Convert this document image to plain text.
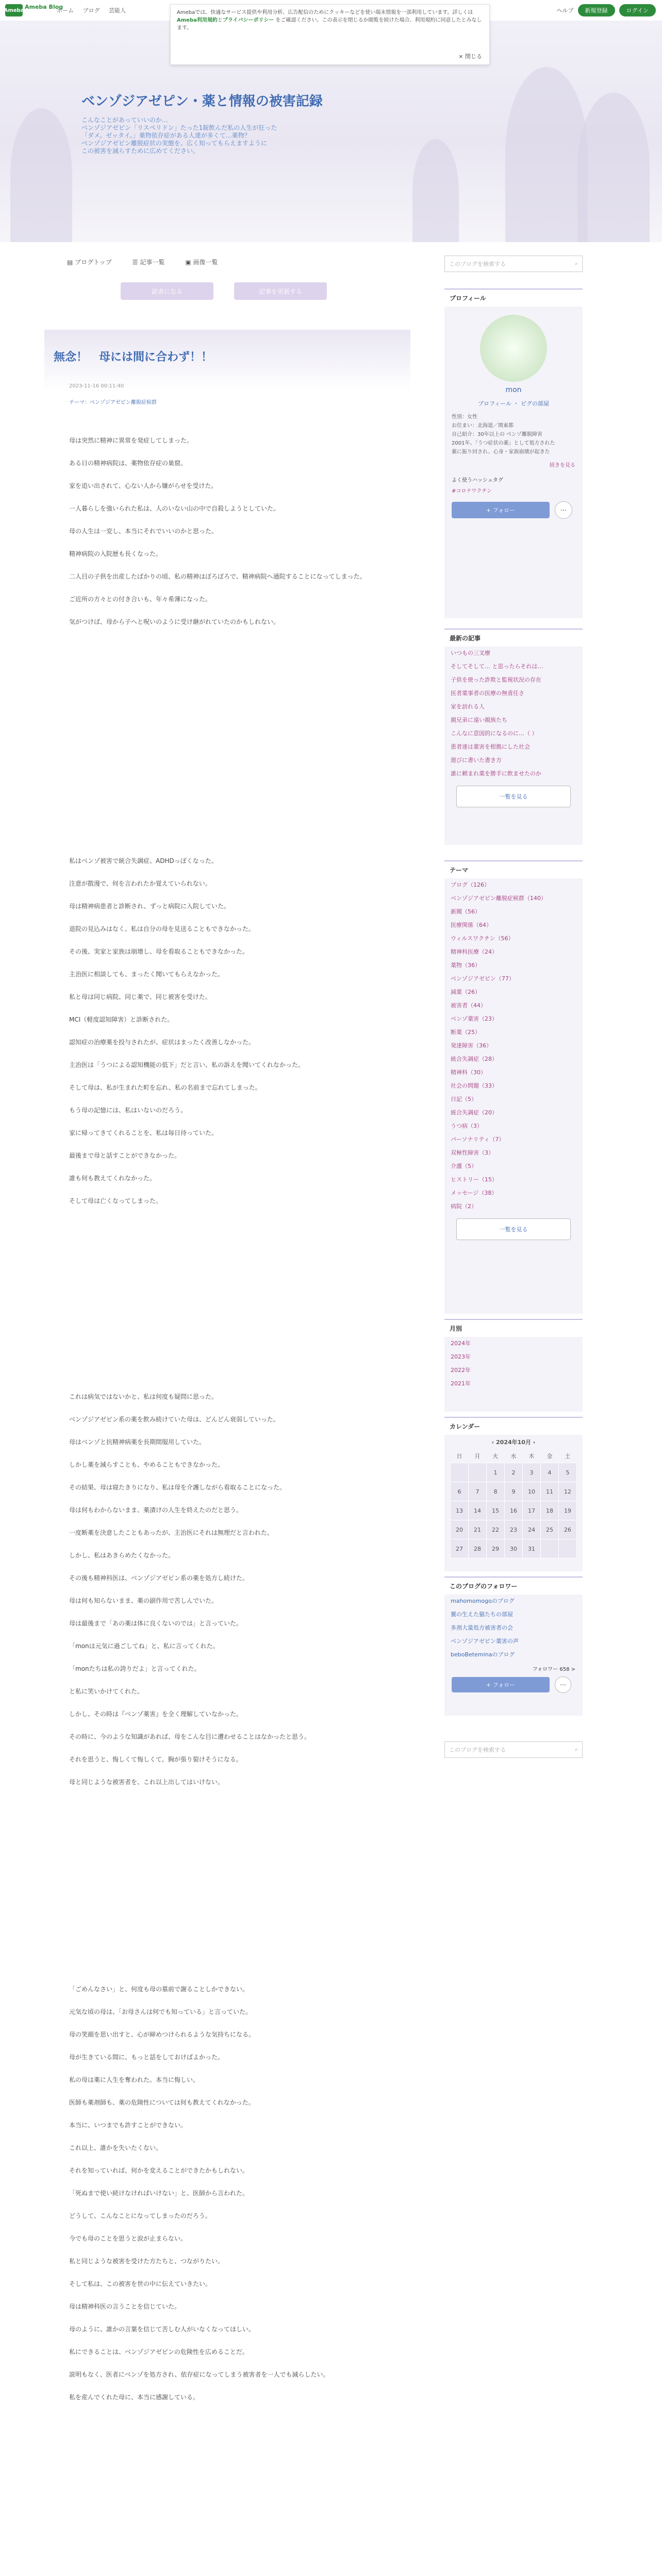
Ameba Ameba Blog
ホーム ブログ 芸能人	ヘルプ	新規登録	ログイン
Amebaでは、快適なサービス提供や利用分析、広告配信のためにクッキーなどを使い端末情報を一部利用しています。詳しくは Ameba利用規約とプライバシーポリシー をご確認ください。この表示を閉じるか閲覧を続けた場合、利用規約に同意したとみなします。
× 閉じる
ベンゾジアゼピン・薬と情報の被害記録
こんなことがあっていいのか…
ベンゾジアゼピン「リスペリドン」たった1錠飲んだ私の人生が狂った
「ダメ。ゼッタイ。」薬物依存症がある人達が多くて…薬物？
ベンゾジアゼピン離脱症状の実態を、広く知ってもらえますように
この被害を減らすために広めてください。
▤ ブログトップ	☰ 記事一覧	▣ 画像一覧
読者になる	記事を更新する
無念！　母には間に合わず！！
2023-11-16 00:11:40
テーマ：ベンゾジアゼピン離脱症候群

母は突然に精神に異常を発症してしまった。

ある日の精神病院は、薬物依存症の巣窟。

家を追い出されて、心ない人から嫌がらせを受けた。

一人暮らしを強いられた私は、人のいない山の中で自殺しようとしていた。

母の人生は一変し、本当にそれでいいのかと思った。

精神病院の入院歴も長くなった。

二人目の子供を出産したばかりの頃、私の精神はぼろぼろで、精神病院へ通院することになってしまった。

ご近所の方々との付き合いも、年々希薄になった。

気がつけば、母から子へと呪いのように受け継がれていたのかもしれない。

私はベンゾ被害で統合失調症、ADHDっぽくなった。

注意が散漫で、何を言われたか覚えていられない。

母は精神病患者と診断され、ずっと病院に入院していた。

退院の見込みはなく、私は自分の母を見送ることもできなかった。

その後、実家と家族は崩壊し、母を看取ることもできなかった。

主治医に相談しても、まったく聞いてもらえなかった。

私と母は同じ病院、同じ薬で、同じ被害を受けた。

MCI（軽度認知障害）と診断された。

認知症の治療薬を投与されたが、症状はまったく改善しなかった。

主治医は「うつによる認知機能の低下」だと言い、私の訴えを聞いてくれなかった。

そして母は、私が生まれた町を忘れ、私の名前まで忘れてしまった。

もう母の記憶には、私はいないのだろう。

家に帰ってきてくれることを、私は毎日待っていた。

最後まで母と話すことができなかった。

誰も何も教えてくれなかった。

そして母は亡くなってしまった。

これは病気ではないかと、私は何度も疑問に思った。

ベンゾジアゼピン系の薬を飲み続けていた母は、どんどん衰弱していった。

母はベンゾと抗精神病薬を長期間服用していた。

しかし薬を減らすことも、やめることもできなかった。

その結果、母は寝たきりになり、私は母を介護しながら看取ることになった。

母は何もわからないまま、薬漬けの人生を終えたのだと思う。

一度断薬を決意したこともあったが、主治医にそれは無理だと言われた。

しかし、私はあきらめたくなかった。

その後も精神科医は、ベンゾジアゼピン系の薬を処方し続けた。

母は何も知らないまま、薬の副作用で苦しんでいた。

母は最後まで「あの薬は体に良くないのでは」と言っていた。

「monは元気に過ごしてね」と、私に言ってくれた。

「monたちは私の誇りだよ」と言ってくれた。

と私に笑いかけてくれた。

しかし、その時は『ベンゾ薬害』を全く理解していなかった。

その時に、今のような知識があれば、母をこんな目に遭わせることはなかったと思う。

それを思うと、悔しくて悔しくて、胸が張り裂けそうになる。

母と同じような被害者を、これ以上出してはいけない。

「ごめんなさい」と、何度も母の墓前で謝ることしかできない。

元気な頃の母は、「お母さんは何でも知っている」と言っていた。

母の笑顔を思い出すと、心が締めつけられるような気持ちになる。

母が生きている間に、もっと話をしておけばよかった。

私の母は薬に人生を奪われた。本当に悔しい。

医師も薬剤師も、薬の危険性については何も教えてくれなかった。

本当に、いつまでも許すことができない。

これ以上、誰かを失いたくない。

それを知っていれば、何かを変えることができたかもしれない。

「死ぬまで使い続けなければいけない」と、医師から言われた。

どうして、こんなことになってしまったのだろう。

今でも母のことを思うと涙が止まらない。

私と同じような被害を受けた方たちと、つながりたい。

そして私は、この被害を世の中に伝えていきたい。

母は精神科医の言うことを信じていた。

母のように、誰かの言葉を信じて苦しむ人がいなくなってほしい。

私にできることは、ベンゾジアゼピンの危険性を広めることだ。

説明もなく、医者にベンゾを処方され、依存症になってしまう被害者を一人でも減らしたい。

私を産んでくれた母に、本当に感謝している。

このブログを検索する	⌕
プロフィール
mon
プロフィール ・ ピグの部屋
性別：女性
お住まい：北海道／関東都
自己紹介：30年以上の ベンゾ離脱障害
2001年、「うつ症状の薬」として処方された
薬に振り回され、心身・家族崩壊が起きた
続きを見る
よく使うハッシュタグ
#コロナワクチン
+ フォロー	⋯
最新の記事
いつもの三叉療
そしてそして… と思ったらそれは…
子供を使った詐欺と監視状況の存在
医者薬事者の医療の無責任さ
家を訪れる人
親兄弟に遠い親族たち
こんなに意図的になるのに…（ ）
患者達は薬害を根拠にした社会
遊びに書いた書き方
誰に頼まれ薬を勝手に飲ませたのか
一覧を見る
テーマ
ブログ（126）
ベンゾジアゼピン離脱症候群（140）
新聞（56）
医療関係（64）
ウィルスワクチン（56）
精神科医療（24）
薬物（36）
ベンゾジアゼピン（77）
減薬（26）
被害者（44）
ベンゾ薬害（23）
断薬（25）
発達障害（36）
統合失調症（28）
精神科（30）
社会の問題（33）
日記（5）
統合失調症（20）
うつ病（3）
パーソナリティ（7）
双極性障害（3）
介護（5）
ヒストリー（15）
メッセージ（38）
病院（2）
一覧を見る
月別
2024年
2023年
2022年
2021年
カレンダー
‹ 2024年10月 ›
日	月	火	水	木	金	土
		1	2	3	4	5
6	7	8	9	10	11	12
13	14	15	16	17	18	19
20	21	22	23	24	25	26
27	28	29	30	31		
このブログのフォロワー
mahomomogoのブログ
翼の生えた猫たちの部屋
多剤大量処方被害者の会
ベンゾジアゼピン薬害の声
beboBeteminaのブログ
フォロワー 658 >
+ フォロー	⋯
このブログを検索する	⌕
